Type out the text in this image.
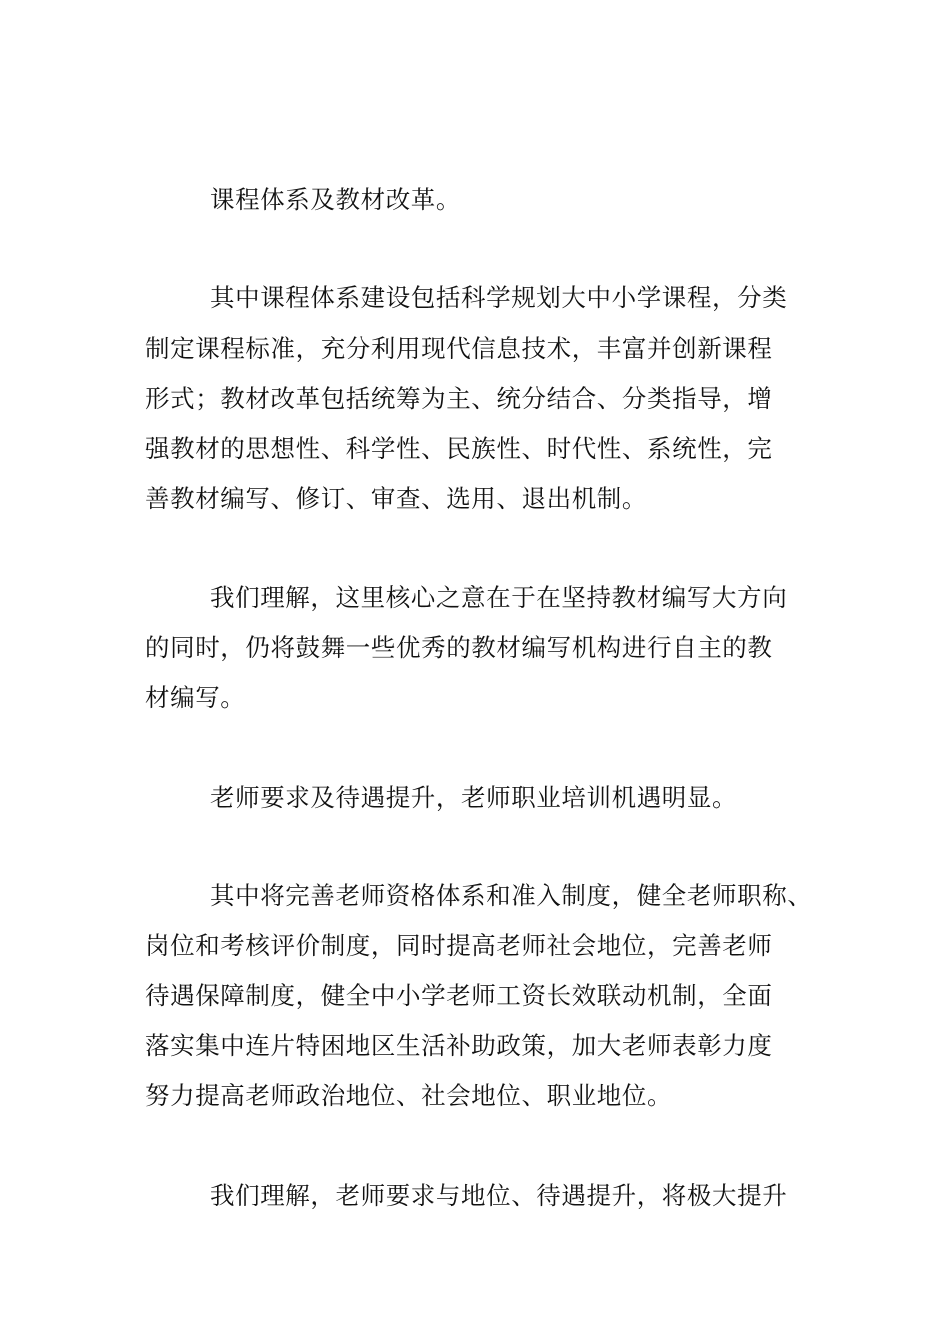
课程体系及教材改革。
其中课程体系建设包括科学规划大中小学课程，分类
制定课程标准，充分利用现代信息技术，丰富并创新课程
形式；教材改革包括统筹为主、统分结合、分类指导，增
强教材的思想性、科学性、民族性、时代性、系统性，完
善教材编写、修订、审查、选用、退出机制。
我们理解，这里核心之意在于在坚持教材编写大方向
的同时，仍将鼓舞一些优秀的教材编写机构进行自主的教
材编写。
老师要求及待遇提升，老师职业培训机遇明显。
其中将完善老师资格体系和准入制度，健全老师职称、
岗位和考核评价制度，同时提高老师社会地位，完善老师
待遇保障制度，健全中小学老师工资长效联动机制，全面
落实集中连片特困地区生活补助政策，加大老师表彰力度
努力提高老师政治地位、社会地位、职业地位。
我们理解，老师要求与地位、待遇提升，将极大提升
